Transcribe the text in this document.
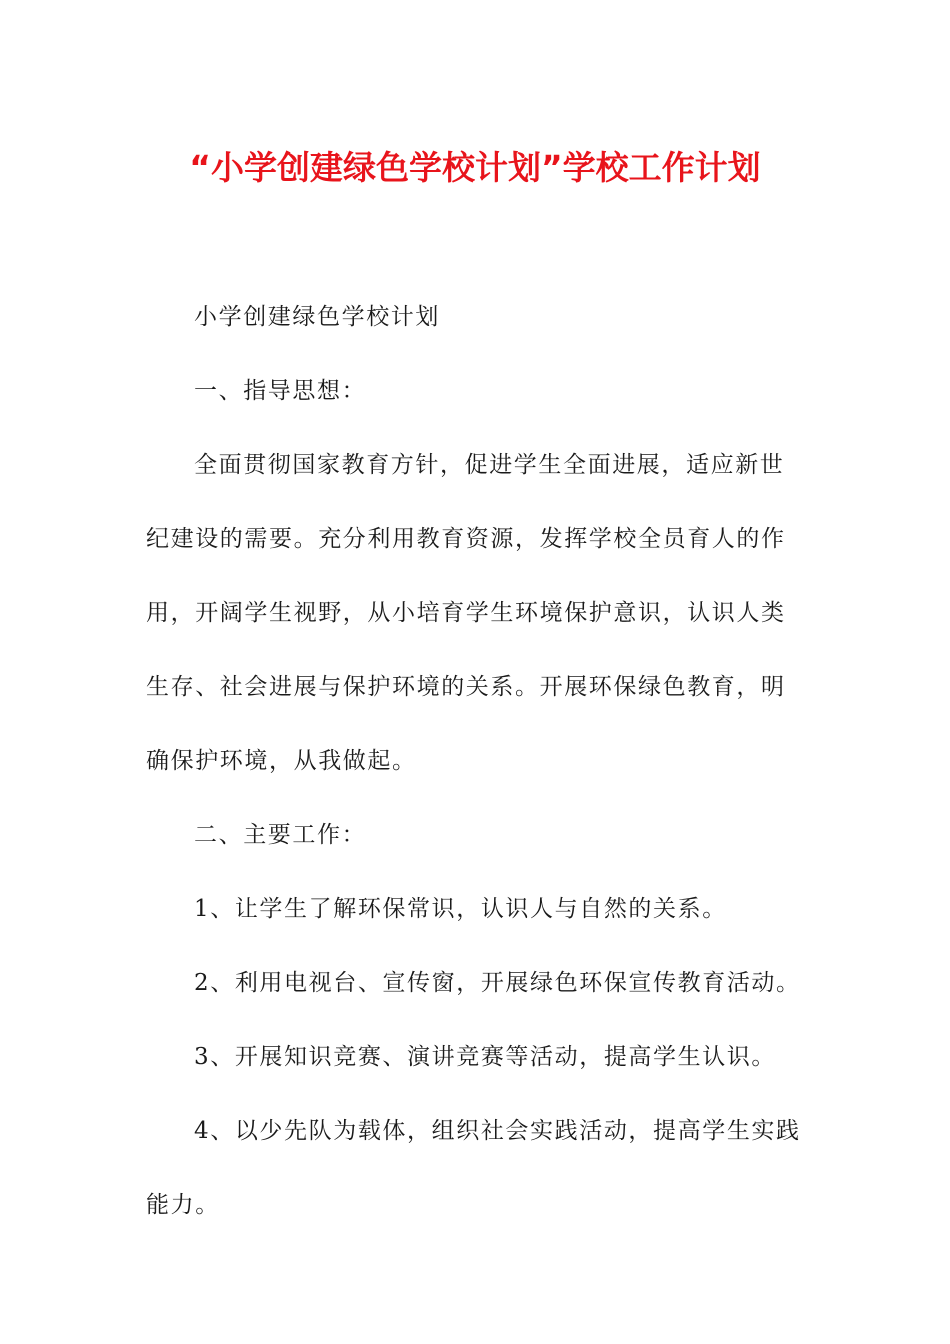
“小学创建绿色学校计划”学校工作计划

小学创建绿色学校计划

一、指导思想：

全面贯彻国家教育方针，促进学生全面进展，适应新世纪建设的需要。充分利用教育资源，发挥学校全员育人的作用，开阔学生视野，从小培育学生环境保护意识，认识人类生存、社会进展与保护环境的关系。开展环保绿色教育，明确保护环境，从我做起。

二、主要工作：

1、让学生了解环保常识，认识人与自然的关系。

2、利用电视台、宣传窗，开展绿色环保宣传教育活动。

3、开展知识竞赛、演讲竞赛等活动，提高学生认识。

4、以少先队为载体，组织社会实践活动，提高学生实践能力。
